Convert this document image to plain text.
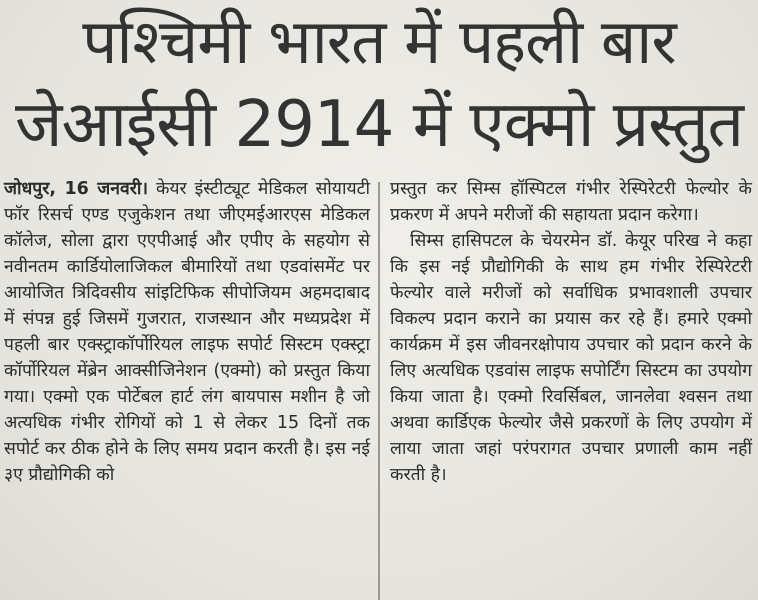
पश्चिमी भारत में पहली बार
जेआईसी 2914 में एक्मो प्रस्तुत

जोधपुर, 16 जनवरी। केयर इंस्टीट्यूट मेडिकल सोयायटी फॉर रिसर्च एण्ड एजुकेशन तथा जीएमईआरएस मेडिकल कॉलेज, सोला द्वारा एएपीआई और एपीए के सहयोग से नवीनतम कार्डियोलाजिकल बीमारियों तथा एडवांसमेंट पर आयोजित त्रिदिवसीय सांइटिफिक सीपोजियम अहमदाबाद में संपन्न हुई जिसमें गुजरात, राजस्थान और मध्यप्रदेश में पहली बार एक्स्ट्राकॉर्पोरियल लाइफ सपोर्ट सिस्टम एक्स्ट्रा कॉर्पोरियल मेंब्रेन आक्सीजिनेशन (एक्मो) को प्रस्तुत किया गया। एक्मो एक पोर्टेबल हार्ट लंग बायपास मशीन है जो अत्यधिक गंभीर रोगियों को 1 से लेकर 15 दिनों तक सपोर्ट कर ठीक होने के लिए समय प्रदान करती है। इस नई ३ए प्रौद्योगिकी को

प्रस्तुत कर सिम्स हॉस्पिटल गंभीर रेस्पिरेटरी फेल्योर के प्रकरण में अपने मरीजों की सहायता प्रदान करेगा।

सिम्स हासिपटल के चेयरमेन डॉ. केयूर परिख ने कहा कि इस नई प्रौद्योगिकी के साथ हम गंभीर रेस्पिरेटरी फेल्योर वाले मरीजों को सर्वाधिक प्रभावशाली उपचार विकल्प प्रदान कराने का प्रयास कर रहे हैं। हमारे एक्मो कार्यक्रम में इस जीवनरक्षोपाय उपचार को प्रदान करने के लिए अत्यधिक एडवांस लाइफ सपोर्टिंग सिस्टम का उपयोग किया जाता है। एक्मो रिवर्सिबल, जानलेवा श्वसन तथा अथवा कार्डिएक फेल्योर जैसे प्रकरणों के लिए उपयोग में लाया जाता जहां परंपरागत उपचार प्रणाली काम नहीं करती है।
